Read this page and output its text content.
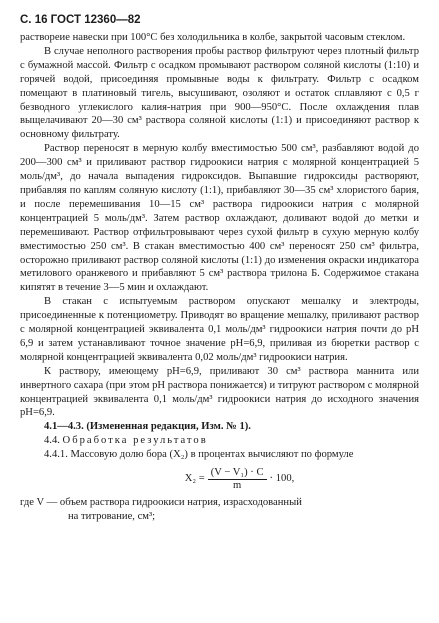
С. 16 ГОСТ 12360—82

раствореие навески при 100°С без холодильника в колбе, закрытой часовым стеклом.

В случае неполного растворения пробы раствор фильтруют через плотный фильтр с бумажной массой. Фильтр с осадком промывают раствором соляной кислоты (1:10) и горячей водой, присоединяя промывные воды к фильтрату. Фильтр с осадком помещают в платиновый тигель, высушивают, озоляют и остаток сплавляют с 0,5 г безводного углекислого калия-натрия при 900—950°С. После охлаждения плав выщелачивают 20—30 см³ раствора соляной кислоты (1:1) и присоединяют раствор к основному фильтрату.

Раствор переносят в мерную колбу вместимостью 500 см³, разбавляют водой до 200—300 см³ и приливают раствор гидроокиси натрия с молярной концентрацией 5 моль/дм³, до начала выпадения гидроксидов. Выпавшие гидроксиды растворяют, прибавляя по каплям соляную кислоту (1:1), прибавляют 30—35 см³ хлористого бария, и после перемешивания 10—15 см³ раствора гидроокиси натрия с молярной концентрацией 5 моль/дм³. Затем раствор охлаждают, доливают водой до метки и перемешивают. Раствор отфильтровывают через сухой фильтр в сухую мерную колбу вместимостью 250 см³. В стакан вместимостью 400 см³ переносят 250 см³ фильтра, осторожно приливают раствор соляной кислоты (1:1) до изменения окраски индикатора метилового оранжевого и прибавляют 5 см³ раствора трилона Б. Содержимое стакана кипятят в течение 3—5 мин и охлаждают.

В стакан с испытуемым раствором опускают мешалку и электроды, присоединенные к потенциометру. Приводят во вращение мешалку, приливают раствор с молярной концентрацией эквивалента 0,1 моль/дм³ гидроокиси натрия почти до pH 6,9 и затем устанавливают точное значение pH=6,9, приливая из бюретки раствор с молярной концентрацией эквивалента 0,02 моль/дм³ гидроокиси натрия.

К раствору, имеющему pH=6,9, приливают 30 см³ раствора маннита или инвертного сахара (при этом pH раствора понижается) и титруют раствором с молярной концентрацией эквивалента 0,1 моль/дм³ гидроокиси натрия до исходного значения pH=6,9.

4.1—4.3. (Измененная редакция, Изм. № 1).

4.4. Обработка результатов

4.4.1. Массовую долю бора (X₂) в процентах вычисляют по формуле

$X_2 = \frac{\text{(V − V₁) · C}}{m} \cdot 100$,

где V — объем раствора гидроокиси натрия, израсходованный
на титрование, см³;
